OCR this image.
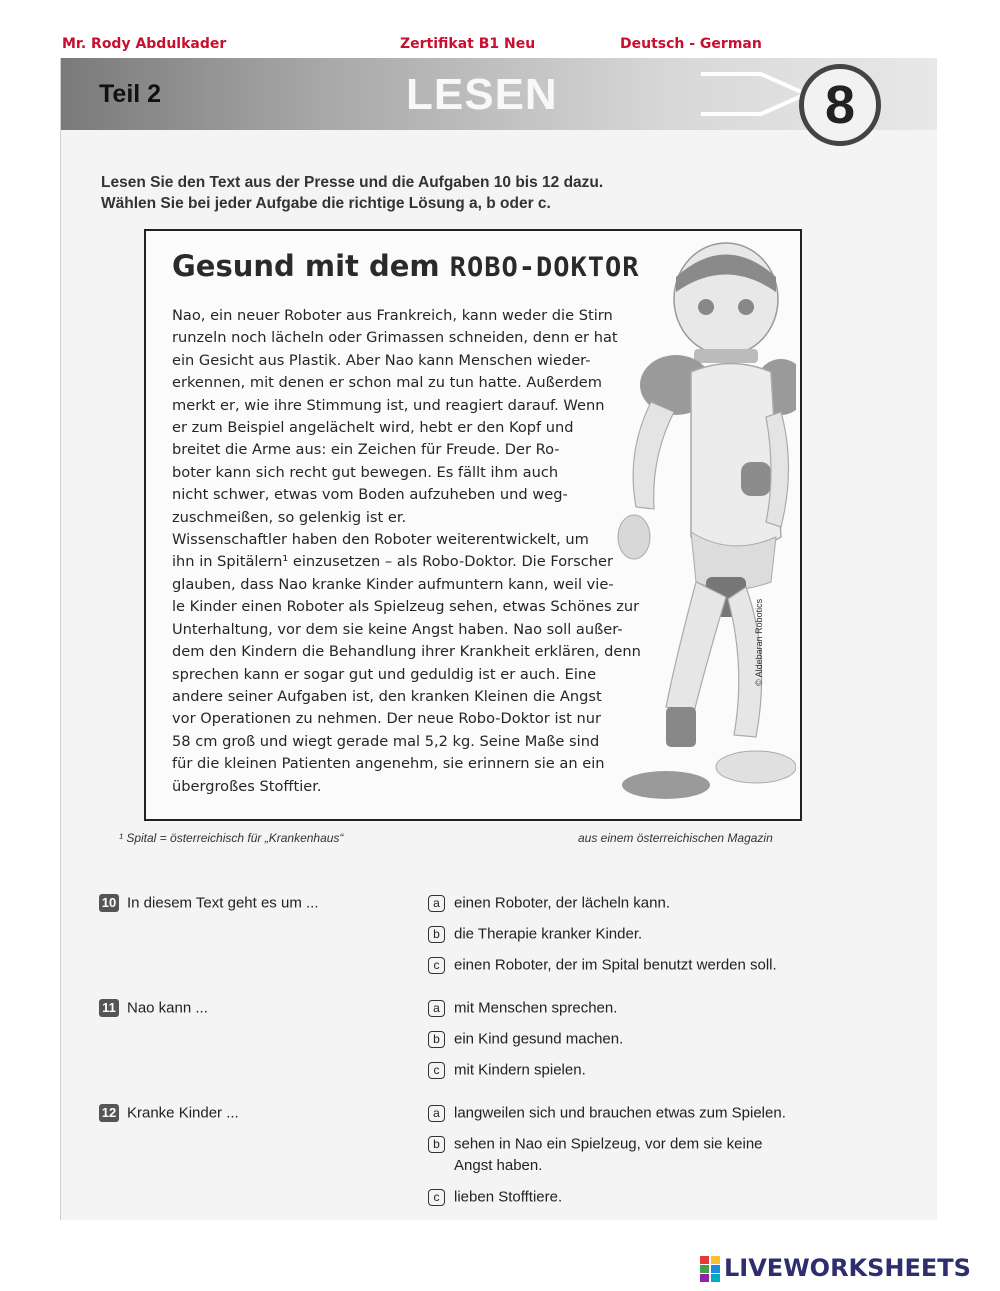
Mr. Rody Abdulkader	Zertifikat B1 Neu	Deutsch - German
Teil 2	LESEN	8
Lesen Sie den Text aus der Presse und die Aufgaben 10 bis 12 dazu.
Wählen Sie bei jeder Aufgabe die richtige Lösung a, b oder c.
Gesund mit dem ROBO-DOKTOR
Nao, ein neuer Roboter aus Frankreich, kann weder die Stirn
runzeln noch lächeln oder Grimassen schneiden, denn er hat
ein Gesicht aus Plastik. Aber Nao kann Menschen wieder-
erkennen, mit denen er schon mal zu tun hatte. Außerdem
merkt er, wie ihre Stimmung ist, und reagiert darauf. Wenn
er zum Beispiel angelächelt wird, hebt er den Kopf und
breitet die Arme aus: ein Zeichen für Freude. Der Ro-
boter kann sich recht gut bewegen. Es fällt ihm auch
nicht schwer, etwas vom Boden aufzuheben und weg-
zuschmeißen, so gelenkig ist er.
Wissenschaftler haben den Roboter weiterentwickelt, um
ihn in Spitälern¹ einzusetzen – als Robo-Doktor. Die Forscher
glauben, dass Nao kranke Kinder aufmuntern kann, weil vie-
le Kinder einen Roboter als Spielzeug sehen, etwas Schönes zur
Unterhaltung, vor dem sie keine Angst haben. Nao soll außer-
dem den Kindern die Behandlung ihrer Krankheit erklären, denn
sprechen kann er sogar gut und geduldig ist er auch. Eine
andere seiner Aufgaben ist, den kranken Kleinen die Angst
vor Operationen zu nehmen. Der neue Robo-Doktor ist nur
58 cm groß und wiegt gerade mal 5,2 kg. Seine Maße sind
für die kleinen Patienten angenehm, sie erinnern sie an ein
übergroßes Stofftier.
© Aldebaran Robotics
¹ Spital = österreichisch für „Krankenhaus“	aus einem österreichischen Magazin
10 In diesem Text geht es um ...	a einen Roboter, der lächeln kann.
b die Therapie kranker Kinder.
c einen Roboter, der im Spital benutzt werden soll.
11 Nao kann ...	a mit Menschen sprechen.
b ein Kind gesund machen.
c mit Kindern spielen.
12 Kranke Kinder ...	a langweilen sich und brauchen etwas zum Spielen.
b sehen in Nao ein Spielzeug, vor dem sie keine
Angst haben.
c lieben Stofftiere.
LIVEWORKSHEETS
